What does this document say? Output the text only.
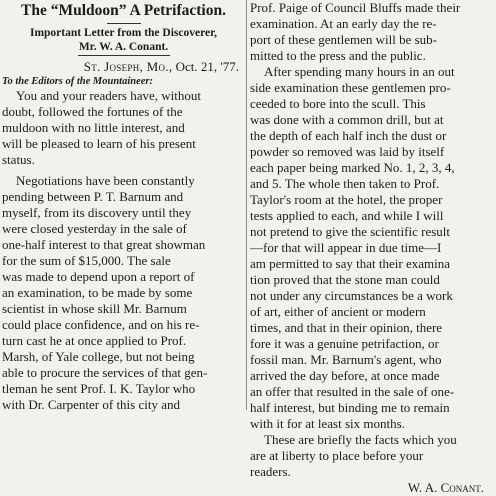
The “Muldoon” A Petrifaction.
Important Letter from the Discoverer,
Mr. W. A. Conant.
St. Joseph, Mo., Oct. 21, '77.
To the Editors of the Mountaineer:
You and your readers have, without
doubt, followed the fortunes of the
muldoon with no little interest, and
will be pleased to learn of his present
status.
Negotiations have been constantly
pending between P. T. Barnum and
myself, from its discovery until they
were closed yesterday in the sale of
one-half interest to that great showman
for the sum of $15,000. The sale
was made to depend upon a report of
an examination, to be made by some
scientist in whose skill Mr. Barnum
could place confidence, and on his re-
turn cast he at once applied to Prof.
Marsh, of Yale college, but not being
able to procure the services of that gen-
tleman he sent Prof. I. K. Taylor who
with Dr. Carpenter of this city and
Prof. Paige of Council Bluffs made their
examination. At an early day the re-
port of these gentlemen will be sub-
mitted to the press and the public.
After spending many hours in an out
side examination these gentlemen pro-
ceeded to bore into the scull. This
was done with a common drill, but at
the depth of each half inch the dust or
powder so removed was laid by itself
each paper being marked No. 1, 2, 3, 4,
and 5. The whole then taken to Prof.
Taylor's room at the hotel, the proper
tests applied to each, and while I will
not pretend to give the scientific result
—for that will appear in due time—I
am permitted to say that their examina
tion proved that the stone man could
not under any circumstances be a work
of art, either of ancient or modern
times, and that in their opinion, there
fore it was a genuine petrifaction, or
fossil man. Mr. Barnum's agent, who
arrived the day before, at once made
an offer that resulted in the sale of one-
half interest, but binding me to remain
with it for at least six months.
These are briefly the facts which you
are at liberty to place before your
readers.
W. A. Conant.
